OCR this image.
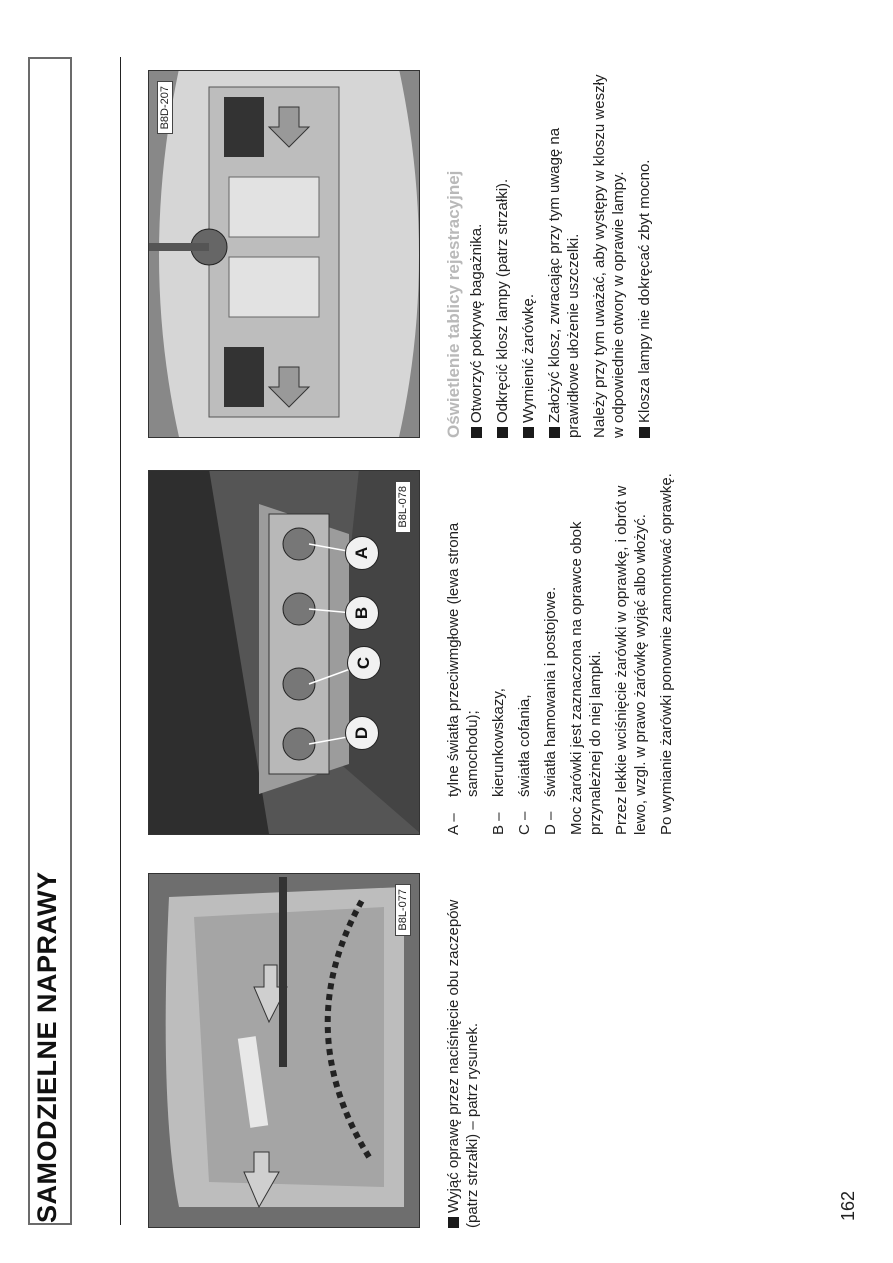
SAMODZIELNE NAPRAWY	B8L-077
D
C
B
A
B8L-078
B8D-207

Wyjąć oprawę przez naciśnięcie obu zaczepów (patrz strzałki) – patrz rysunek.

A –
tylne światła przeciwmgłowe (lewa strona samochodu);
B –
kierunkowskazy,
C –
światła cofania,
D –
światła hamowania i postojowe. Moc żarówki jest zaznaczona na oprawce obok przynależnej do niej lampki. Przez lekkie wciśnięcie żarówki w oprawkę, i obrót w lewo, wzgl. w prawo żarówkę wyjąć albo włożyć. Po wymianie żarówki ponownie zamontować oprawkę.

Oświetlenie tablicy rejestracyjnej Otworzyć pokrywę bagażnika. Odkręcić klosz lampy (patrz strzałki). Wymienić żarówkę. Założyć klosz, zwracając przy tym uwagę na prawidłowe ułożenie uszczelki. Należy przy tym uważać, aby występy w kloszu weszły w odpowiednie otwory w oprawie lampy. Klosza lampy nie dokręcać zbyt mocno.

162
